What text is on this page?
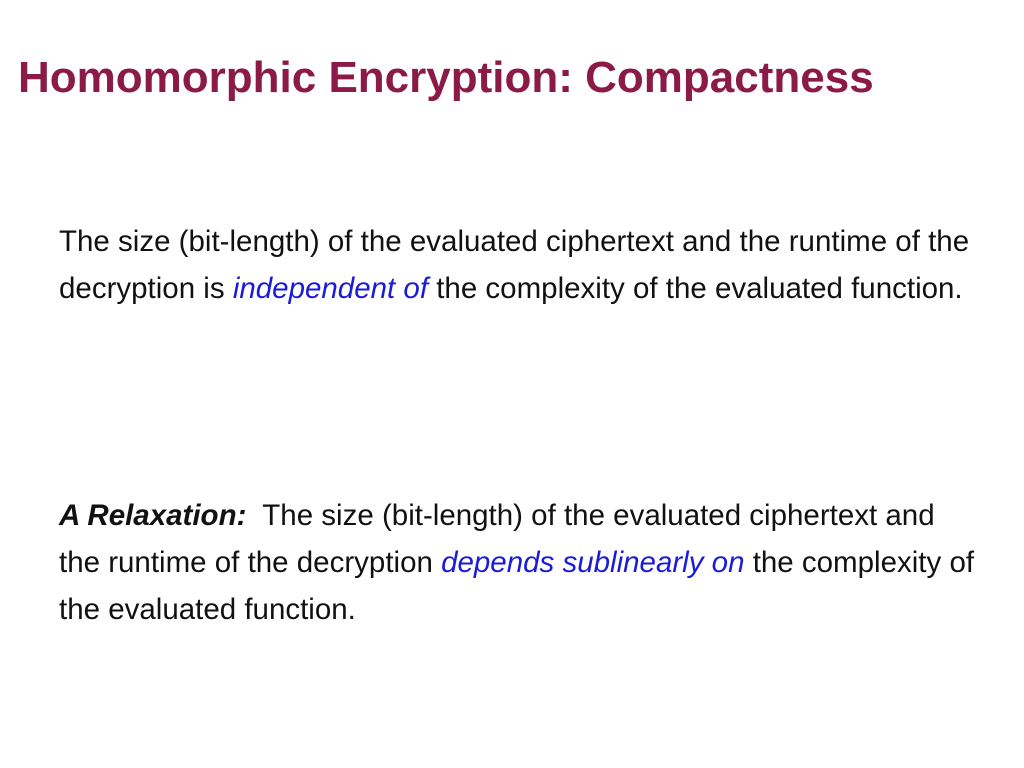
Homomorphic Encryption: Compactness
The size (bit-length) of the evaluated ciphertext and the runtime of the decryption is independent of the complexity of the evaluated function.
A Relaxation:  The size (bit-length) of the evaluated ciphertext and the runtime of the decryption depends sublinearly on the complexity of the evaluated function.
